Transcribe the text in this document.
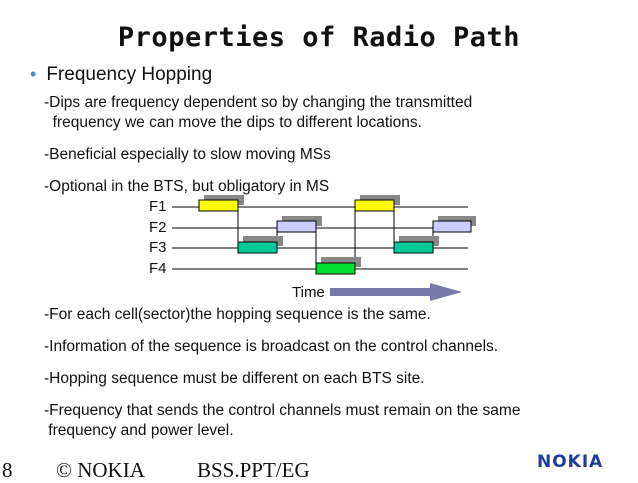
Properties of Radio Path
• Frequency Hopping
-Dips are frequency dependent so by changing the transmitted
frequency we can move the dips to different locations.
-Beneficial especially to slow moving MSs
-Optional in the BTS, but obligatory in MS
F1
F2
F3
F4
Time
-For each cell(sector)the hopping sequence is the same.
-Information of the sequence is broadcast on the control channels.
-Hopping sequence must be different on each BTS site.
-Frequency that sends the control channels must remain on the same
frequency and power level.
8 © NOKIA BSS.PPT/EG	NOKIA
